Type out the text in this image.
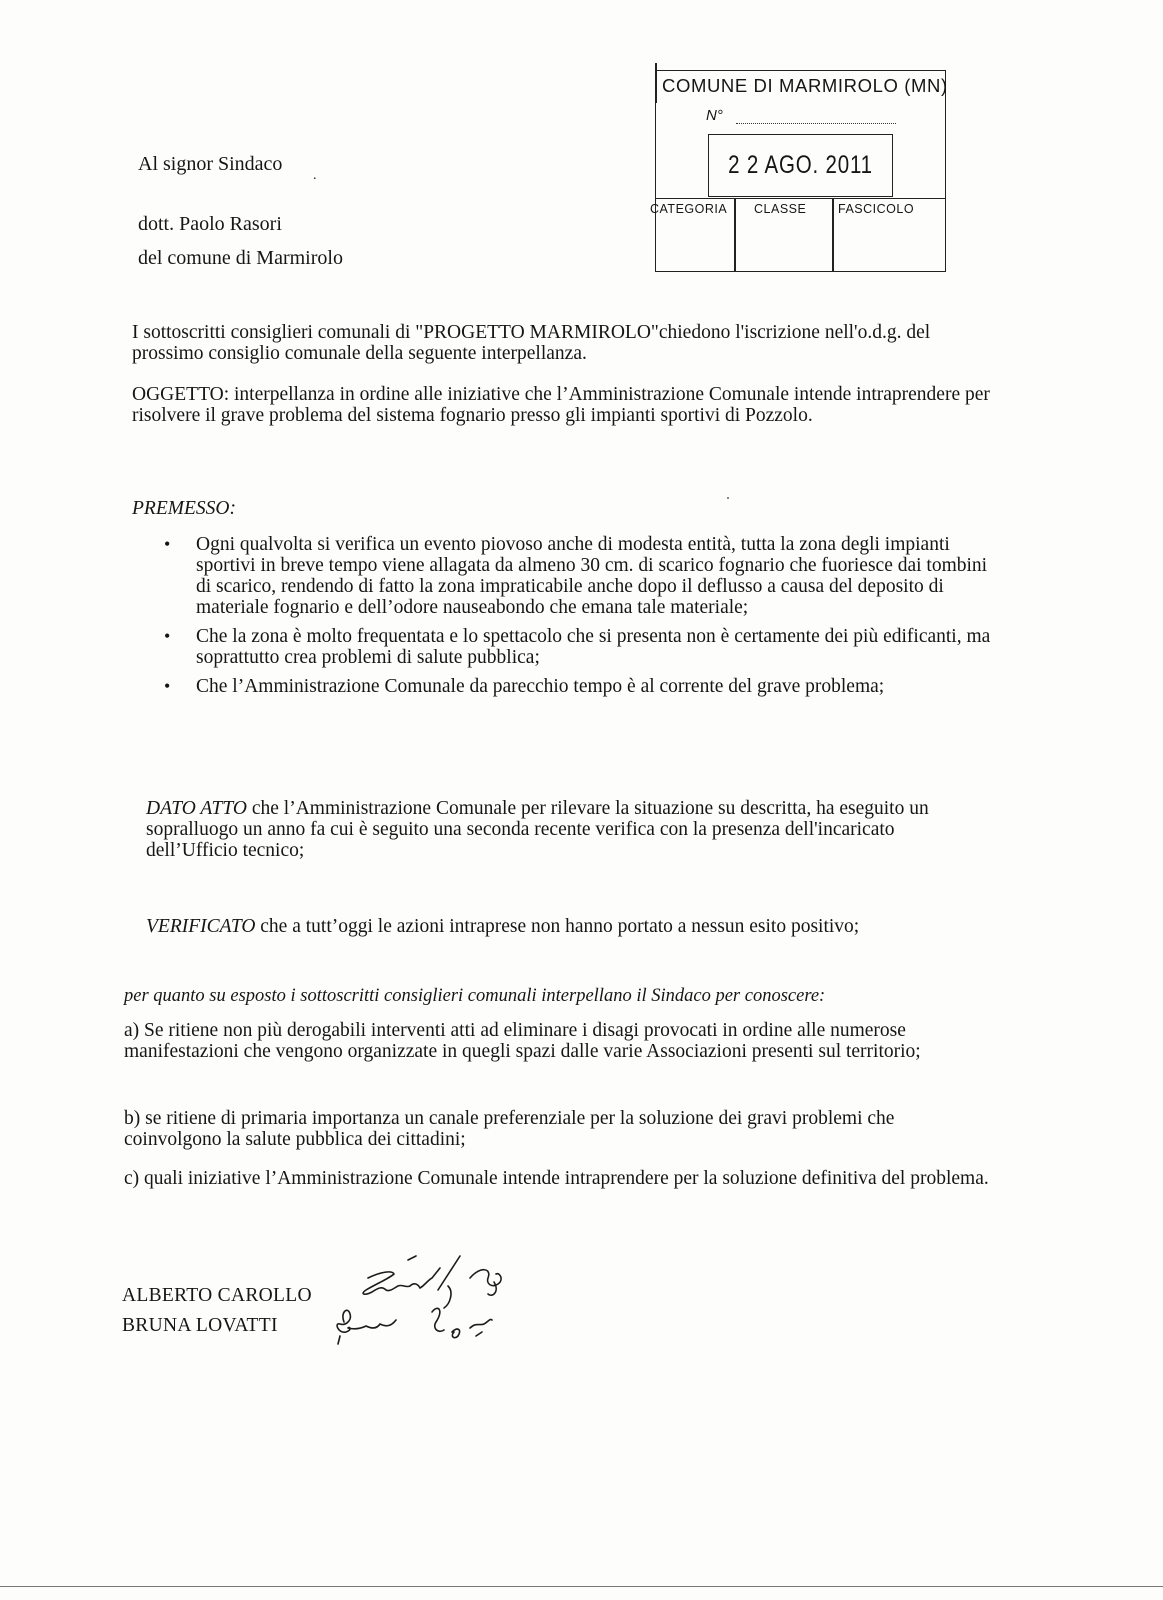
COMUNE DI MARMIROLO (MN)
N°
2 2 AGO. 2011
CATEGORIA CLASSE	FASCICOLO
Al signor Sindaco
.
dott. Paolo Rasori
del comune di Marmirolo
I sottoscritti consiglieri comunali di "PROGETTO MARMIROLO"chiedono l'iscrizione nell'o.d.g. del prossimo consiglio comunale della seguente interpellanza.
OGGETTO: interpellanza in ordine alle iniziative che l’Amministrazione Comunale intende intraprendere per risolvere il grave problema del sistema fognario presso gli impianti sportivi di Pozzolo.
PREMESSO:
• Ogni qualvolta si verifica un evento piovoso anche di modesta entità, tutta la zona degli impianti sportivi in breve tempo viene allagata da almeno 30 cm. di scarico fognario che fuoriesce dai tombini di scarico, rendendo di fatto la zona impraticabile anche dopo il deflusso a causa del deposito di materiale fognario e dell’odore nauseabondo che emana tale materiale;
• Che la zona è molto frequentata e lo spettacolo che si presenta non è certamente dei più edificanti, ma soprattutto crea problemi di salute pubblica;
• Che l’Amministrazione Comunale da parecchio tempo è al corrente del grave problema;
DATO ATTO che l’Amministrazione Comunale per rilevare la situazione su descritta, ha eseguito un sopralluogo un anno fa cui è seguito una seconda recente verifica con la presenza dell'incaricato dell’Ufficio tecnico;
VERIFICATO che a tutt’oggi le azioni intraprese non hanno portato a nessun esito positivo;
per quanto su esposto i sottoscritti consiglieri comunali interpellano il Sindaco per conoscere:
a) Se ritiene non più derogabili interventi atti ad eliminare i disagi provocati in ordine alle numerose manifestazioni che vengono organizzate in quegli spazi dalle varie Associazioni presenti sul territorio;
b) se ritiene di primaria importanza un canale preferenziale per la soluzione dei gravi problemi che coinvolgono la salute pubblica dei cittadini;
c) quali iniziative l’Amministrazione Comunale intende intraprendere per la soluzione definitiva del problema.
ALBERTO CAROLLO
BRUNA LOVATTI
